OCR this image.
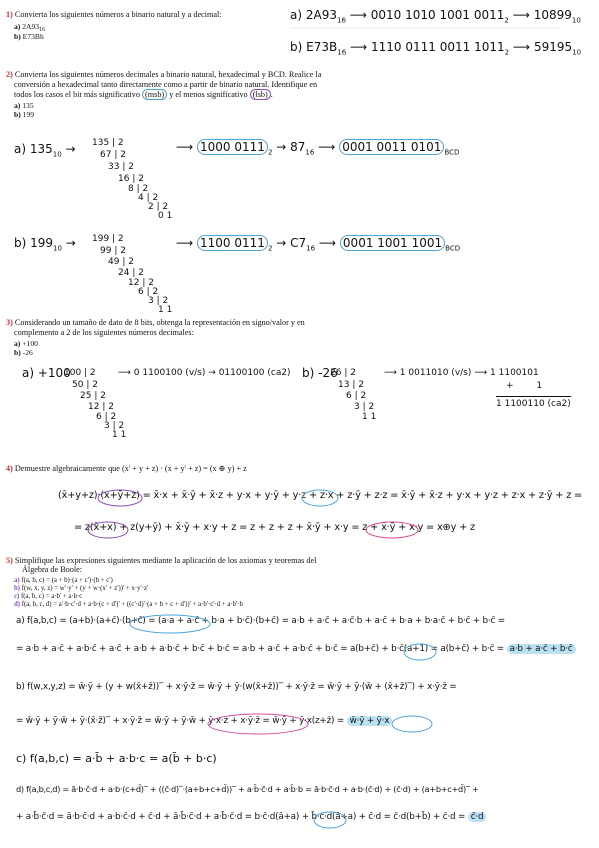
1) Convierta los siguientes números a binario natural y a decimal:
a) $2A93_{16}$
b) E73Bh
a) $2A93_{16}$ ⟶ 0010 1010 1001 $0011_2$ ⟶ $10899_{10}$
b) $E73B_{16}$ ⟶ 1110 0111 0011 $1011_2$ ⟶ $59195_{10}$
2) Convierta los siguientes números decimales a binario natural, hexadecimal y BCD. Realice la
conversión a hexadecimal tanto directamente como a partir de binario natural. Identifique en
todos los casos el bit más significativo (msb) y el menos significativo (lsb) .
a) 135
b) 199
a) $135_{10} \to 135$ | 2
67 | 2
33 | 2
16 | 2
8 | 2
4 | 2
2 | 2
0 1
⟶ 1000 0111 $_2 \to 87_{16}$ ⟶ 0001 0011 0101 $_{BCD}$
b) $199_{10} \to 199$ | 2
99 | 2
49 | 2
24 | 2
12 | 2
6 | 2
3 | 2
1 1
⟶ 1100 0111 $_2 \to C7_{16}$ ⟶ 0001 1001 1001 $_{BCD}$
3) Considerando un tamaño de dato de 8 bits, obtenga la representación en signo/valor y en
complemento a 2 de los siguientes números decimales:
a) +100
b) -26
a) +100
100 | 2
50 | 2
25 | 2
12 | 2
6 | 2
3 | 2
1 1
⟶ 0 1100100 (v/s) → 01100100 (ca2) b) -26
26 | 2
13 | 2
6 | 2
3 | 2
1 1
⟶ 1 0011010 (v/s) ⟶ 1 1100101
+	1
1 1100110 (ca2)
4) Demuestre algebraicamente que (x' + y + z) · (x + y' + z) = (x ⊕ y) + z
(x̄+y+z)·(x+ȳ+z) = x̄·x + x̄·ȳ + x̄·z + y·x + y·ȳ + y·z + z·x + z·ȳ + z·z = x̄·ȳ + x̄·z + y·x + y·z + z·x + z·ȳ + z =
= z(x̄+x) + z(y+ȳ) + x̄·ȳ + x·y + z = z + z + z + x̄·ȳ + x·y = z + x̄·ȳ + x·y = x⊕y + z
5) Simplifique las expresiones siguientes mediante la aplicación de los axiomas y teoremas del
Álgebra de Boole:
a) f(a, b, c) = (a + b)·(a + c')·(b + c')
b) f(w, x, y, z) = w'·y' + (y + w·(x' + z'))' + x·y'·z'
c) f(a, b, c) = a·b' + a·b·c
d) f(a, b, c, d) = a'·b·c'·d + a·b·(c + d')' + ((c'·d)'·(a + b + c + d'))' + a·b'·c'·d + a·b'·b
a) f(a,b,c) = (a+b)·(a+c̄)·(b+c̄) = (a·a + a·c̄ + b·a + b·c̄)·(b+c̄) = a·b + a·c̄ + a·c̄·b + a·c̄ + b·a + b·a·c̄ + b·c̄ + b·c̄ =
= a·b + a·c̄ + a·b·c̄ + a·c̄ + a·b + a·b·c̄ + b·c̄ + b·c̄ = a·b + a·c̄ + a·b·c̄ + b·c̄ = a(b+c̄) + b·c̄(a+1) = a(b+c̄) + b·c̄ = a·b + a·c̄ + b·c̄
b) f(w,x,y,z) = w̄·ȳ + (y + w(x̄+z̄))‾ + x·ȳ·z̄ = w̄·ȳ + ȳ·(w(x̄+z̄))‾ + x·ȳ·z̄ = w̄·ȳ + ȳ·(w̄ + (x̄+z̄)‾) + x·ȳ·z̄ =
= w̄·ȳ + ȳ·w̄ + ȳ·(x̄·z̄)‾ + x·ȳ·z̄ = w̄·ȳ + ȳ·w̄ + ȳ·x·z + x·ȳ·z̄ = w̄·ȳ + ȳ·x(z+z̄) = w̄·ȳ + ȳ·x
c) f(a,b,c) = a·b̄ + a·b·c = a(b̄ + b·c)
d) f(a,b,c,d) = ā·b·c̄·d + a·b·(c+d̄)‾ + ((c̄·d)‾·(a+b+c+d̄))‾ + a·b̄·c̄·d + a·b̄·b = ā·b·c̄·d + a·b·(c̄·d) + (c̄·d) + (a+b+c+d̄)‾ +
+ a·b̄·c̄·d = ā·b·c̄·d + a·b·c̄·d + c̄·d + ā·b̄·c̄·d + a·b̄·c̄·d = b·c̄·d(ā+a) + b̄·c̄·d(ā+a) + c̄·d = c̄·d(b+b̄) + c̄·d = c̄·d
